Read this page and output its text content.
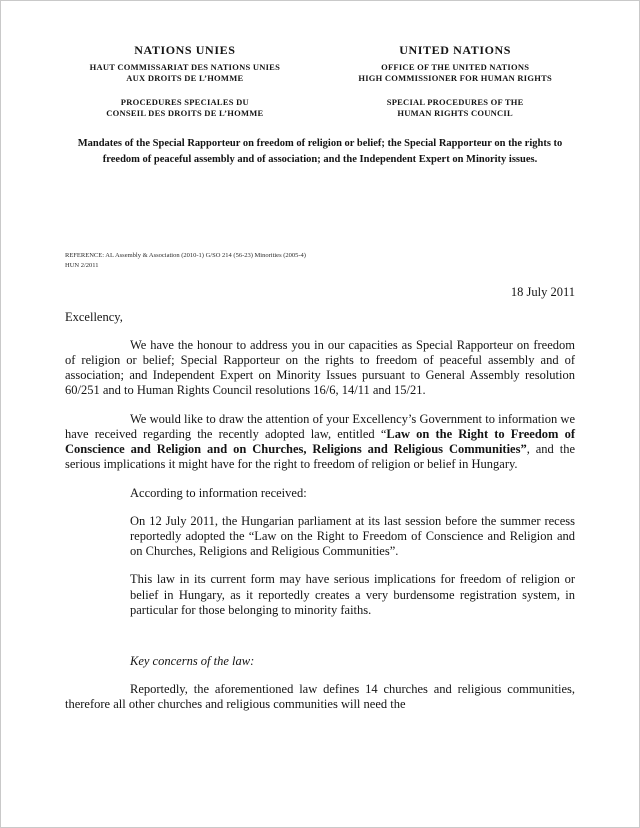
NATIONS UNIES
HAUT COMMISSARIAT DES NATIONS UNIES
AUX DROITS DE L’HOMME
PROCEDURES SPECIALES DU
CONSEIL DES DROITS DE L’HOMME
UNITED NATIONS
OFFICE OF THE UNITED NATIONS
HIGH COMMISSIONER FOR HUMAN RIGHTS
SPECIAL PROCEDURES OF THE
HUMAN RIGHTS COUNCIL

Mandates of the Special Rapporteur on freedom of religion or belief; the Special Rapporteur on the rights to freedom of peaceful assembly and of association; and the Independent Expert on Minority issues.

REFERENCE: AL Assembly & Association (2010-1) G/SO 214 (56-23) Minorities (2005-4)
HUN 2/2011
18 July 2011
Excellency,

We have the honour to address you in our capacities as Special Rapporteur on freedom of religion or belief; Special Rapporteur on the rights to freedom of peaceful assembly and of association; and Independent Expert on Minority Issues pursuant to General Assembly resolution 60/251 and to Human Rights Council resolutions 16/6, 14/11 and 15/21.

We would like to draw the attention of your Excellency’s Government to information we have received regarding the recently adopted law, entitled “Law on the Right to Freedom of Conscience and Religion and on Churches, Religions and Religious Communities”, and the serious implications it might have for the right to freedom of religion or belief in Hungary.

According to information received:

On 12 July 2011, the Hungarian parliament at its last session before the summer recess reportedly adopted the “Law on the Right to Freedom of Conscience and Religion and on Churches, Religions and Religious Communities”.

This law in its current form may have serious implications for freedom of religion or belief in Hungary, as it reportedly creates a very burdensome registration system, in particular for those belonging to minority faiths.

Key concerns of the law:

Reportedly, the aforementioned law defines 14 churches and religious communities, therefore all other churches and religious communities will need the
